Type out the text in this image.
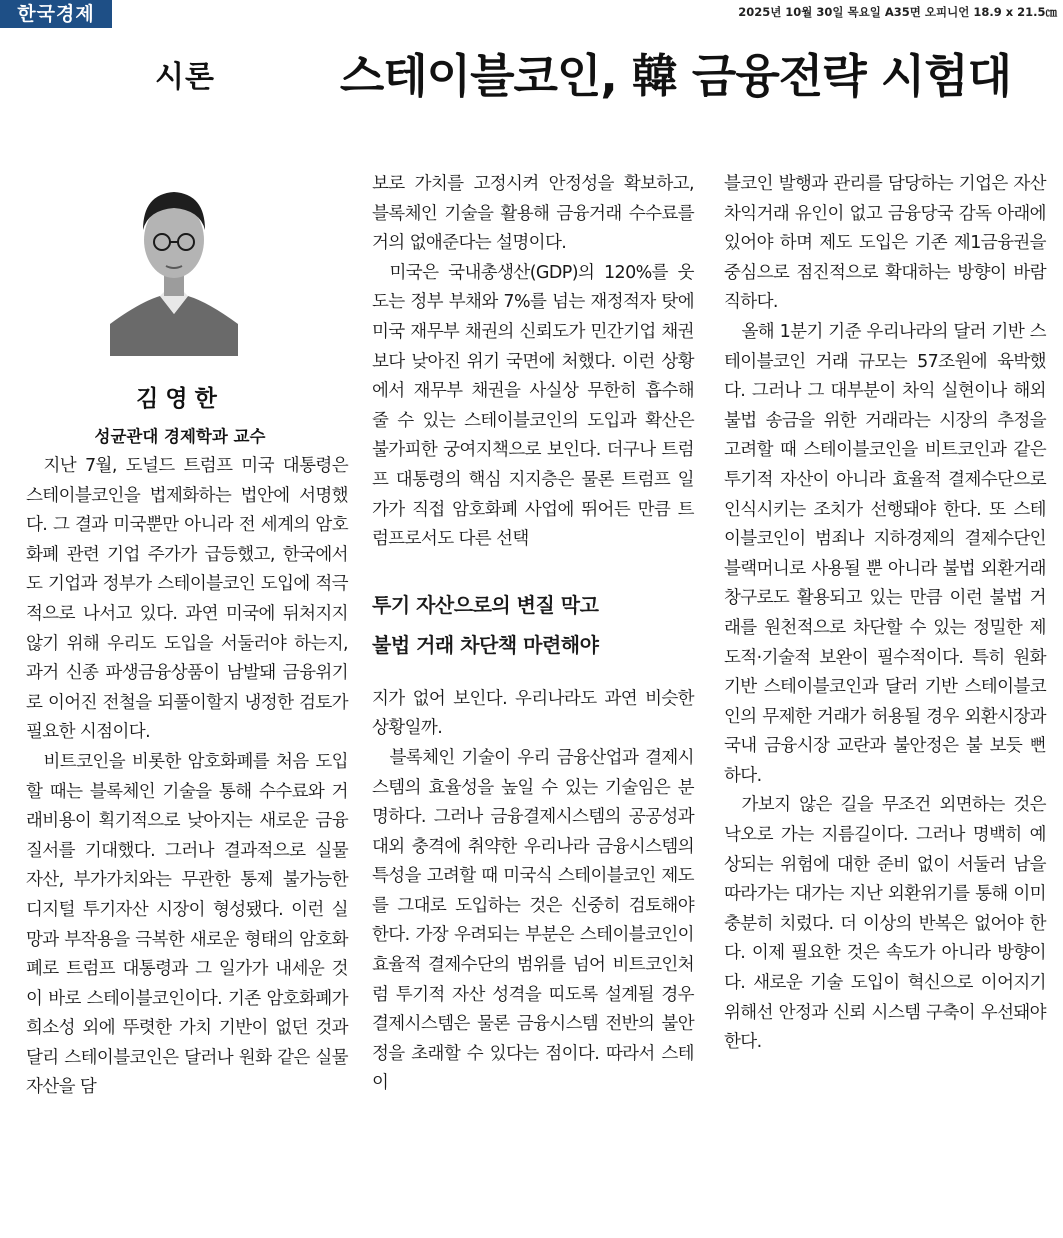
한국경제	2025년 10월 30일 목요일 A35면 오피니언 18.9 x 21.5㎝
시론	스테이블코인, 韓 금융전략 시험대
김영한
성균관대 경제학과 교수

지난 7월, 도널드 트럼프 미국 대통령은 스테이블코인을 법제화하는 법안에 서명했다. 그 결과 미국뿐만 아니라 전 세계의 암호화폐 관련 기업 주가가 급등했고, 한국에서도 기업과 정부가 스테이블코인 도입에 적극적으로 나서고 있다. 과연 미국에 뒤처지지 않기 위해 우리도 도입을 서둘러야 하는지, 과거 신종 파생금융상품이 남발돼 금융위기로 이어진 전철을 되풀이할지 냉정한 검토가 필요한 시점이다.

비트코인을 비롯한 암호화폐를 처음 도입할 때는 블록체인 기술을 통해 수수료와 거래비용이 획기적으로 낮아지는 새로운 금융질서를 기대했다. 그러나 결과적으로 실물 자산, 부가가치와는 무관한 통제 불가능한 디지털 투기자산 시장이 형성됐다. 이런 실망과 부작용을 극복한 새로운 형태의 암호화폐로 트럼프 대통령과 그 일가가 내세운 것이 바로 스테이블코인이다. 기존 암호화폐가 희소성 외에 뚜렷한 가치 기반이 없던 것과 달리 스테이블코인은 달러나 원화 같은 실물자산을 담

보로 가치를 고정시켜 안정성을 확보하고, 블록체인 기술을 활용해 금융거래 수수료를 거의 없애준다는 설명이다.

미국은 국내총생산(GDP)의 120%를 웃도는 정부 부채와 7%를 넘는 재정적자 탓에 미국 재무부 채권의 신뢰도가 민간기업 채권보다 낮아진 위기 국면에 처했다. 이런 상황에서 재무부 채권을 사실상 무한히 흡수해 줄 수 있는 스테이블코인의 도입과 확산은 불가피한 궁여지책으로 보인다. 더구나 트럼프 대통령의 핵심 지지층은 물론 트럼프 일가가 직접 암호화폐 사업에 뛰어든 만큼 트럼프로서도 다른 선택

투기 자산으로의 변질 막고
불법 거래 차단책 마련해야

지가 없어 보인다. 우리나라도 과연 비슷한 상황일까.

블록체인 기술이 우리 금융산업과 결제시스템의 효율성을 높일 수 있는 기술임은 분명하다. 그러나 금융결제시스템의 공공성과 대외 충격에 취약한 우리나라 금융시스템의 특성을 고려할 때 미국식 스테이블코인 제도를 그대로 도입하는 것은 신중히 검토해야 한다. 가장 우려되는 부분은 스테이블코인이 효율적 결제수단의 범위를 넘어 비트코인처럼 투기적 자산 성격을 띠도록 설계될 경우 결제시스템은 물론 금융시스템 전반의 불안정을 초래할 수 있다는 점이다. 따라서 스테이

블코인 발행과 관리를 담당하는 기업은 자산 차익거래 유인이 없고 금융당국 감독 아래에 있어야 하며 제도 도입은 기존 제1금융권을 중심으로 점진적으로 확대하는 방향이 바람직하다.

올해 1분기 기준 우리나라의 달러 기반 스테이블코인 거래 규모는 57조원에 육박했다. 그러나 그 대부분이 차익 실현이나 해외 불법 송금을 위한 거래라는 시장의 추정을 고려할 때 스테이블코인을 비트코인과 같은 투기적 자산이 아니라 효율적 결제수단으로 인식시키는 조치가 선행돼야 한다. 또 스테이블코인이 범죄나 지하경제의 결제수단인 블랙머니로 사용될 뿐 아니라 불법 외환거래 창구로도 활용되고 있는 만큼 이런 불법 거래를 원천적으로 차단할 수 있는 정밀한 제도적·기술적 보완이 필수적이다. 특히 원화 기반 스테이블코인과 달러 기반 스테이블코인의 무제한 거래가 허용될 경우 외환시장과 국내 금융시장 교란과 불안정은 불 보듯 뻔하다.

가보지 않은 길을 무조건 외면하는 것은 낙오로 가는 지름길이다. 그러나 명백히 예상되는 위험에 대한 준비 없이 서둘러 남을 따라가는 대가는 지난 외환위기를 통해 이미 충분히 치렀다. 더 이상의 반복은 없어야 한다. 이제 필요한 것은 속도가 아니라 방향이다. 새로운 기술 도입이 혁신으로 이어지기 위해선 안정과 신뢰 시스템 구축이 우선돼야 한다.
